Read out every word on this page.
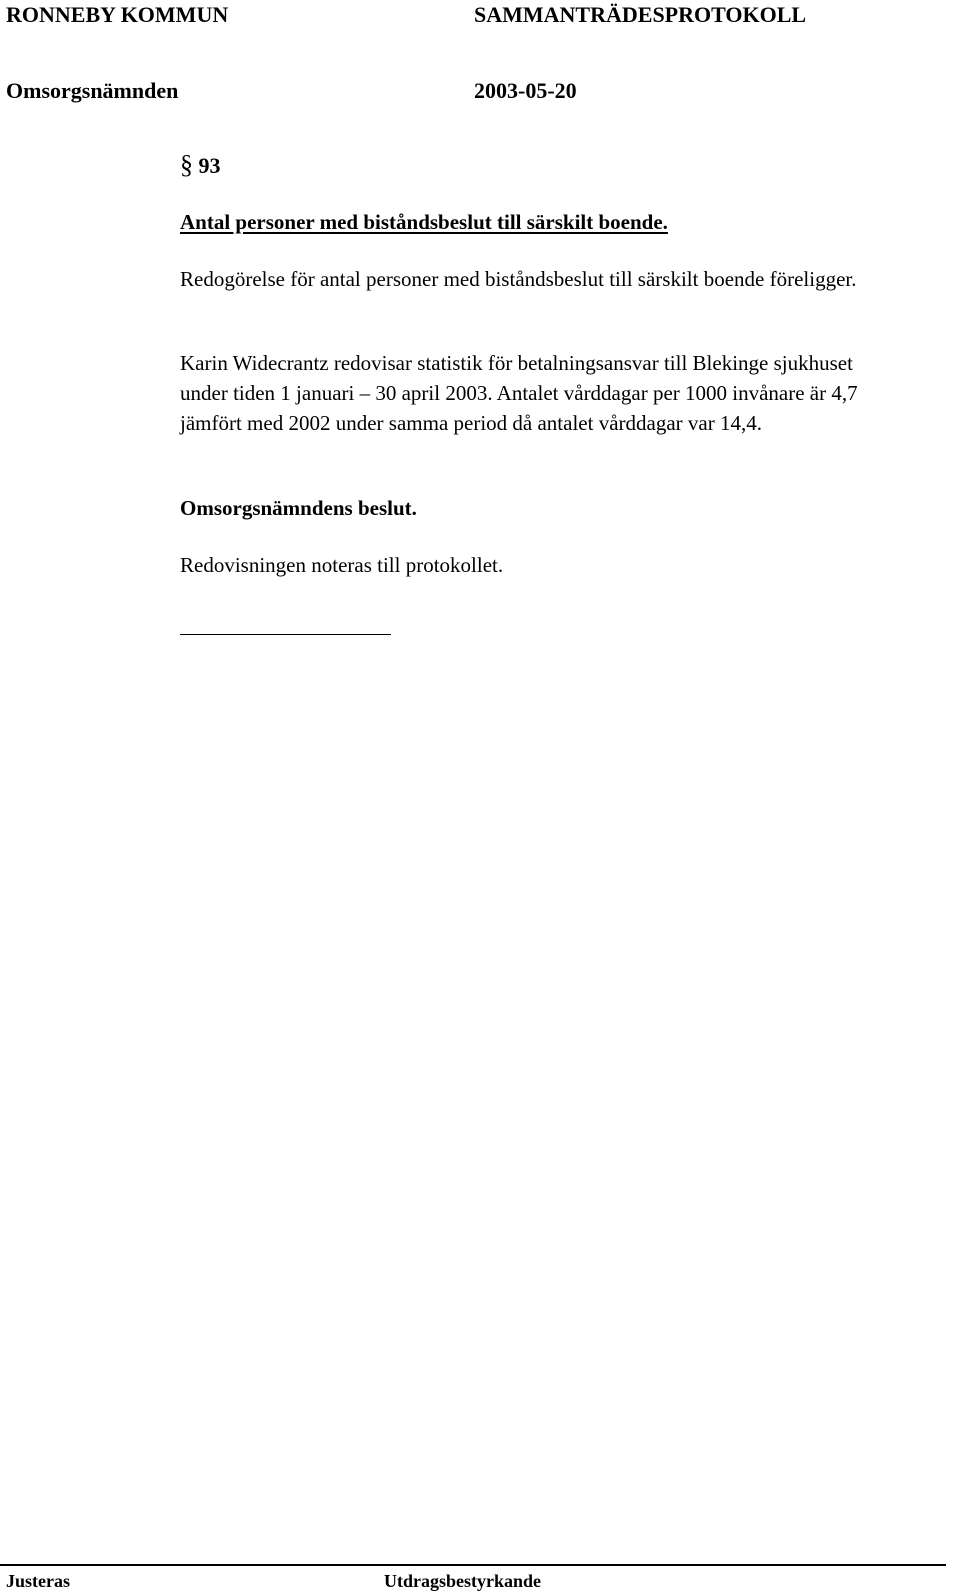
RONNEBY KOMMUN	SAMMANTRÄDESPROTOKOLL
Omsorgsnämnden	2003-05-20
§ 93
Antal personer med biståndsbeslut till särskilt boende.
Redogörelse för antal personer med biståndsbeslut till särskilt boende föreligger.
Karin Widecrantz redovisar statistik för betalningsansvar till Blekinge sjukhuset under tiden 1 januari – 30 april 2003. Antalet vårddagar per 1000 invånare är 4,7 jämfört med 2002 under samma period då antalet vårddagar var 14,4.
Omsorgsnämndens beslut.
Redovisningen noteras till protokollet.
Justeras	Utdragsbestyrkande
